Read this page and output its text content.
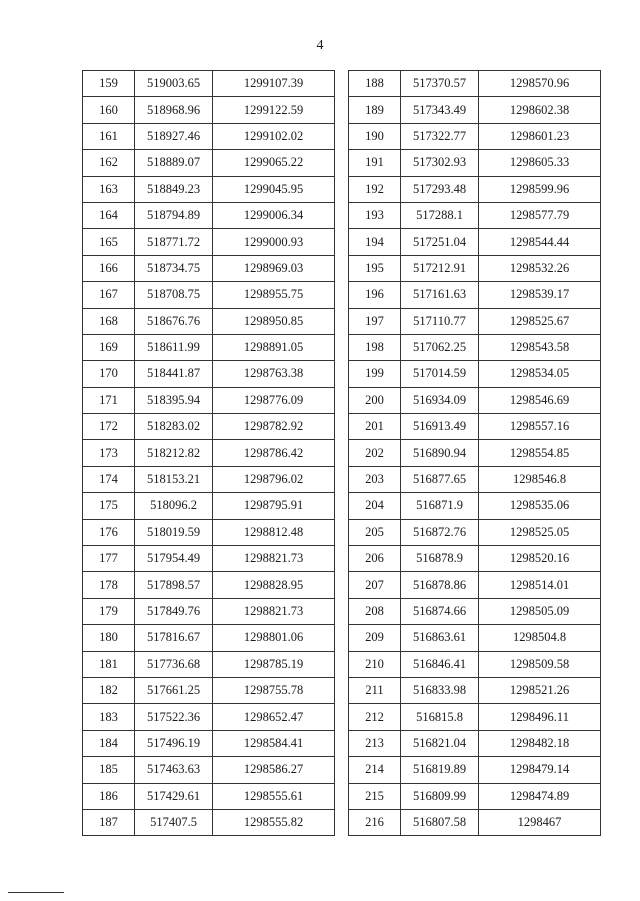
4
159	519003.65	1299107.39
160	518968.96	1299122.59
161	518927.46	1299102.02
162	518889.07	1299065.22
163	518849.23	1299045.95
164	518794.89	1299006.34
165	518771.72	1299000.93
166	518734.75	1298969.03
167	518708.75	1298955.75
168	518676.76	1298950.85
169	518611.99	1298891.05
170	518441.87	1298763.38
171	518395.94	1298776.09
172	518283.02	1298782.92
173	518212.82	1298786.42
174	518153.21	1298796.02
175	518096.2	1298795.91
176	518019.59	1298812.48
177	517954.49	1298821.73
178	517898.57	1298828.95
179	517849.76	1298821.73
180	517816.67	1298801.06
181	517736.68	1298785.19
182	517661.25	1298755.78
183	517522.36	1298652.47
184	517496.19	1298584.41
185	517463.63	1298586.27
186	517429.61	1298555.61
187	517407.5	1298555.82
188	517370.57	1298570.96
189	517343.49	1298602.38
190	517322.77	1298601.23
191	517302.93	1298605.33
192	517293.48	1298599.96
193	517288.1	1298577.79
194	517251.04	1298544.44
195	517212.91	1298532.26
196	517161.63	1298539.17
197	517110.77	1298525.67
198	517062.25	1298543.58
199	517014.59	1298534.05
200	516934.09	1298546.69
201	516913.49	1298557.16
202	516890.94	1298554.85
203	516877.65	1298546.8
204	516871.9	1298535.06
205	516872.76	1298525.05
206	516878.9	1298520.16
207	516878.86	1298514.01
208	516874.66	1298505.09
209	516863.61	1298504.8
210	516846.41	1298509.58
211	516833.98	1298521.26
212	516815.8	1298496.11
213	516821.04	1298482.18
214	516819.89	1298479.14
215	516809.99	1298474.89
216	516807.58	1298467
